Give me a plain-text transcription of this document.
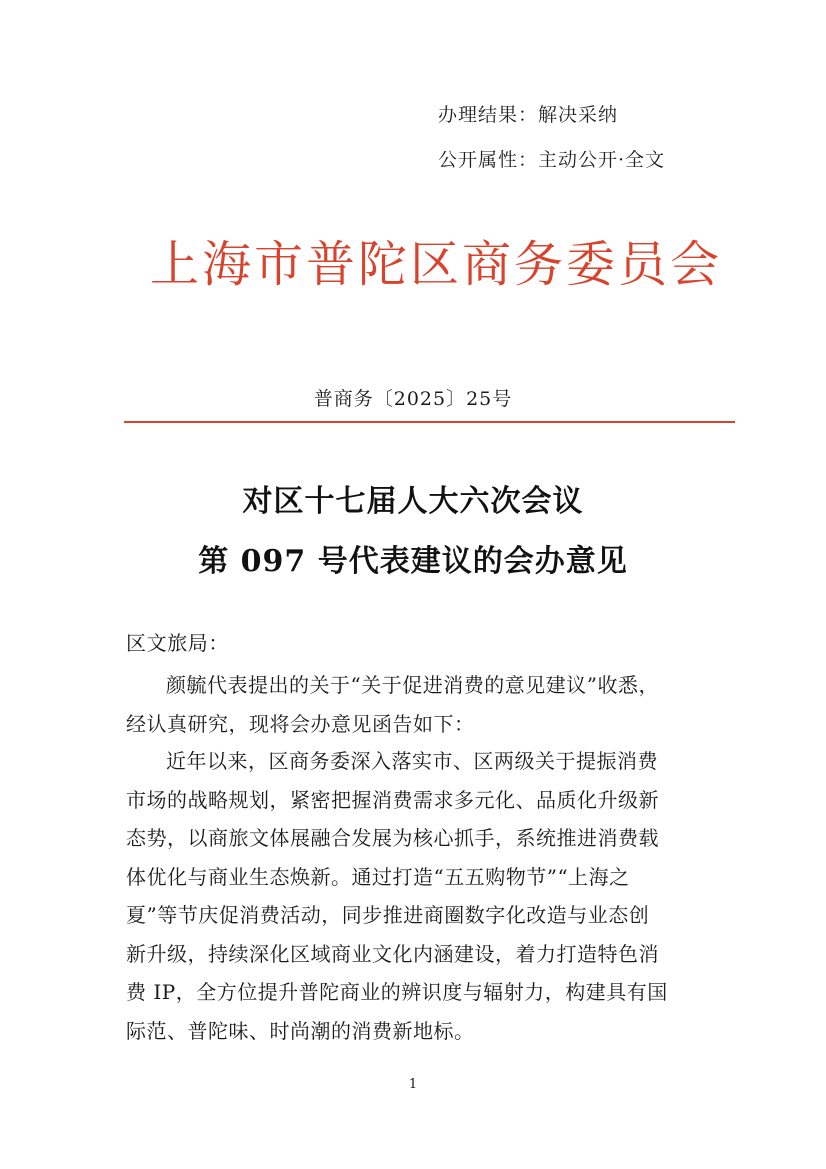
办理结果：解决采纳
公开属性：主动公开·全文
上海市普陀区商务委员会
普商务〔2025〕25号
对区十七届人大六次会议
第 097 号代表建议的会办意见
区文旅局：
颜毓代表提出的关于“关于促进消费的意见建议”收悉，
经认真研究，现将会办意见函告如下：
近年以来，区商务委深入落实市、区两级关于提振消费
市场的战略规划，紧密把握消费需求多元化、品质化升级新
态势，以商旅文体展融合发展为核心抓手，系统推进消费载
体优化与商业生态焕新。通过打造“五五购物节”“上海之
夏”等节庆促消费活动，同步推进商圈数字化改造与业态创
新升级，持续深化区域商业文化内涵建设，着力打造特色消
费 IP，全方位提升普陀商业的辨识度与辐射力，构建具有国
际范、普陀味、时尚潮的消费新地标。
1
